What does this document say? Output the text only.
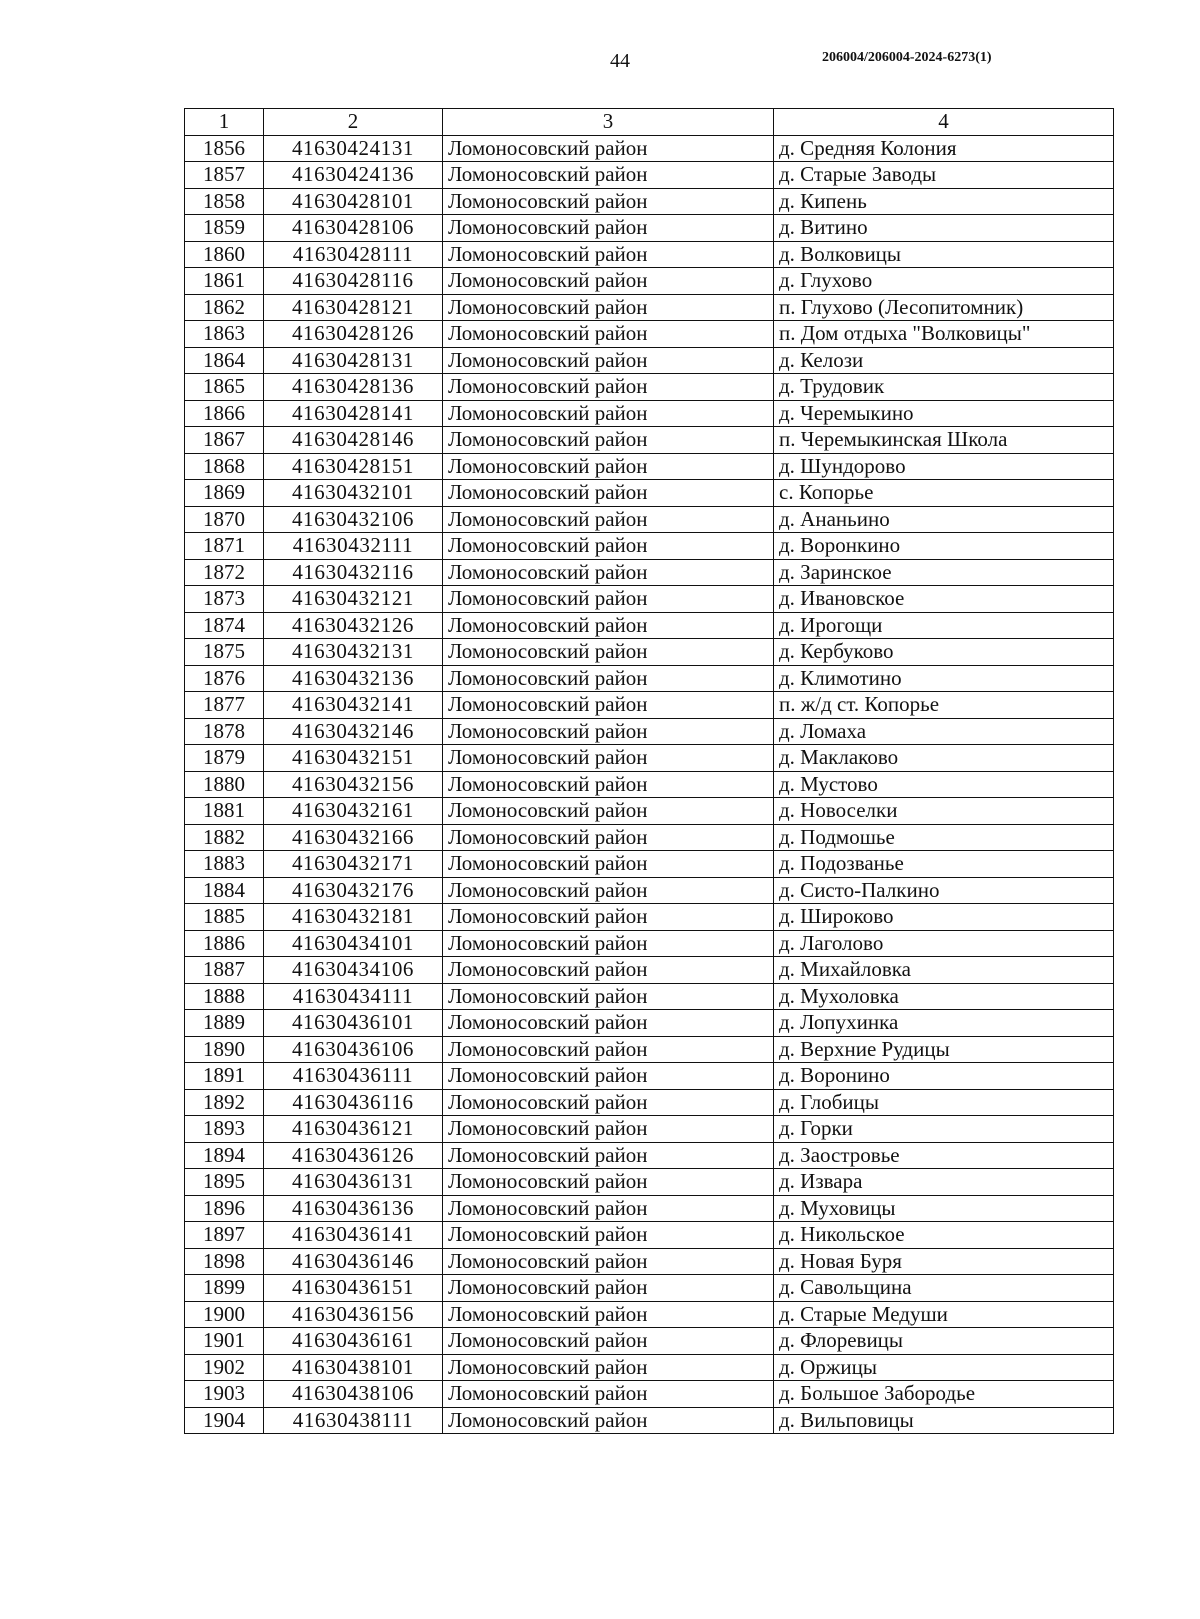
44	206004/206004-2024-6273(1)
1	2	3	4
1856	41630424131	Ломоносовский район	д. Средняя Колония
1857	41630424136	Ломоносовский район	д. Старые Заводы
1858	41630428101	Ломоносовский район	д. Кипень
1859	41630428106	Ломоносовский район	д. Витино
1860	41630428111	Ломоносовский район	д. Волковицы
1861	41630428116	Ломоносовский район	д. Глухово
1862	41630428121	Ломоносовский район	п. Глухово (Лесопитомник)
1863	41630428126	Ломоносовский район	п. Дом отдыха "Волковицы"
1864	41630428131	Ломоносовский район	д. Келози
1865	41630428136	Ломоносовский район	д. Трудовик
1866	41630428141	Ломоносовский район	д. Черемыкино
1867	41630428146	Ломоносовский район	п. Черемыкинская Школа
1868	41630428151	Ломоносовский район	д. Шундорово
1869	41630432101	Ломоносовский район	с. Копорье
1870	41630432106	Ломоносовский район	д. Ананьино
1871	41630432111	Ломоносовский район	д. Воронкино
1872	41630432116	Ломоносовский район	д. Заринское
1873	41630432121	Ломоносовский район	д. Ивановское
1874	41630432126	Ломоносовский район	д. Ирогощи
1875	41630432131	Ломоносовский район	д. Кербуково
1876	41630432136	Ломоносовский район	д. Климотино
1877	41630432141	Ломоносовский район	п. ж/д ст. Копорье
1878	41630432146	Ломоносовский район	д. Ломаха
1879	41630432151	Ломоносовский район	д. Маклаково
1880	41630432156	Ломоносовский район	д. Мустово
1881	41630432161	Ломоносовский район	д. Новоселки
1882	41630432166	Ломоносовский район	д. Подмошье
1883	41630432171	Ломоносовский район	д. Подозванье
1884	41630432176	Ломоносовский район	д. Систо-Палкино
1885	41630432181	Ломоносовский район	д. Широково
1886	41630434101	Ломоносовский район	д. Лаголово
1887	41630434106	Ломоносовский район	д. Михайловка
1888	41630434111	Ломоносовский район	д. Мухоловка
1889	41630436101	Ломоносовский район	д. Лопухинка
1890	41630436106	Ломоносовский район	д. Верхние Рудицы
1891	41630436111	Ломоносовский район	д. Воронино
1892	41630436116	Ломоносовский район	д. Глобицы
1893	41630436121	Ломоносовский район	д. Горки
1894	41630436126	Ломоносовский район	д. Заостровье
1895	41630436131	Ломоносовский район	д. Извара
1896	41630436136	Ломоносовский район	д. Муховицы
1897	41630436141	Ломоносовский район	д. Никольское
1898	41630436146	Ломоносовский район	д. Новая Буря
1899	41630436151	Ломоносовский район	д. Савольщина
1900	41630436156	Ломоносовский район	д. Старые Медуши
1901	41630436161	Ломоносовский район	д. Флоревицы
1902	41630438101	Ломоносовский район	д. Оржицы
1903	41630438106	Ломоносовский район	д. Большое Забородье
1904	41630438111	Ломоносовский район	д. Вильповицы
